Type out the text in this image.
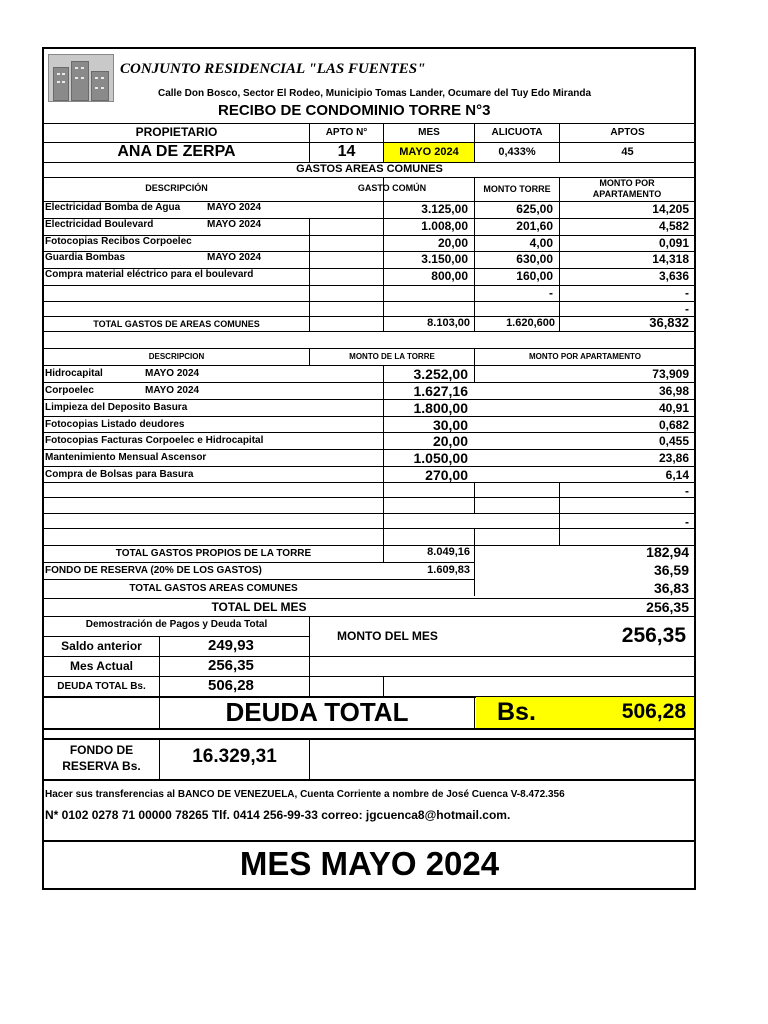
CONJUNTO RESIDENCIAL "LAS FUENTES"
Calle Don Bosco, Sector El Rodeo, Municipio Tomas Lander, Ocumare del Tuy Edo Miranda
RECIBO DE CONDOMINIO TORRE N°3
PROPIETARIO	APTO N°	MES	ALICUOTA	APTOS
ANA DE ZERPA	14	MAYO 2024	0,433%	45
GASTOS AREAS COMUNES
DESCRIPCIÓN	GASTO COMÚN	MONTO TORRE
MONTO POR APARTAMENTO
Electricidad Bomba de Agua	MAYO 2024	3.125,00	625,00	14,205
Electricidad Boulevard	MAYO 2024	1.008,00	201,60	4,582
Fotocopias Recibos Corpoelec	20,00	4,00	0,091
Guardia Bombas	MAYO 2024	3.150,00	630,00	14,318
Compra material eléctrico para el boulevard	800,00	160,00	3,636
-	-
-
TOTAL GASTOS DE AREAS COMUNES	8.103,00	1.620,600	36,832
DESCRIPCION	MONTO DE LA TORRE	MONTO POR APARTAMENTO
Hidrocapital	MAYO 2024	3.252,00	73,909
Corpoelec	MAYO 2024	1.627,16	36,98
Limpieza del Deposito Basura	1.800,00	40,91
Fotocopias Listado deudores	30,00	0,682
Fotocopias Facturas Corpoelec e Hidrocapital	20,00	0,455
Mantenimiento Mensual Ascensor	1.050,00	23,86
Compra de Bolsas para Basura	270,00	6,14
-
-
TOTAL GASTOS PROPIOS DE LA TORRE	8.049,16	182,94
FONDO DE RESERVA (20% DE LOS GASTOS)	1.609,83	36,59
TOTAL GASTOS AREAS COMUNES	36,83
TOTAL DEL MES	256,35
Demostración de Pagos y Deuda Total
MONTO DEL MES	256,35
Saldo anterior	249,93
Mes Actual	256,35
DEUDA TOTAL Bs.	506,28
DEUDA TOTAL	Bs.	506,28
FONDO DE
RESERVA Bs.	16.329,31
Hacer sus transferencias al BANCO DE VENEZUELA, Cuenta Corriente a nombre de José Cuenca V-8.472.356
N* 0102 0278 71 00000 78265 Tlf. 0414 256-99-33 correo: jgcuenca8@hotmail.com.
MES MAYO 2024
